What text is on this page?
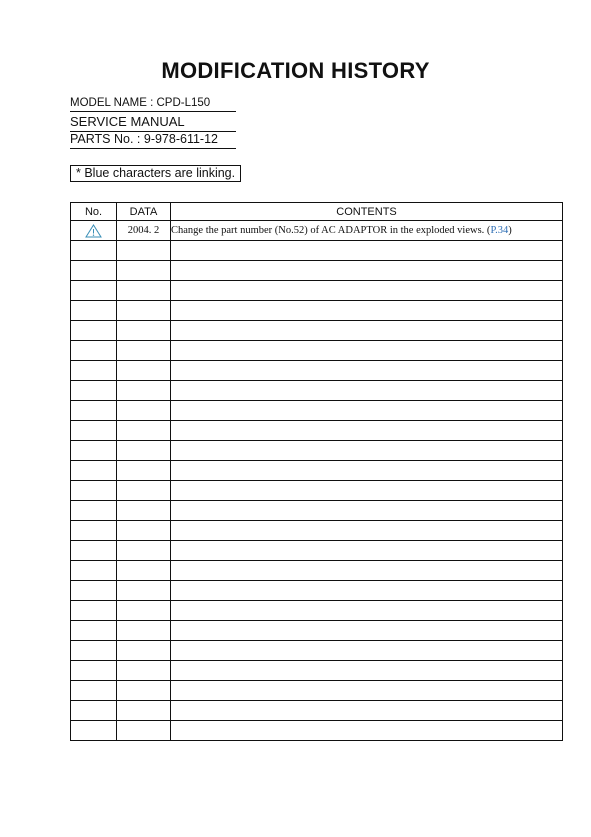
MODIFICATION HISTORY
MODEL NAME : CPD-L150
SERVICE MANUAL
PARTS No. : 9-978-611-12
* Blue characters are linking.
No.	DATA	CONTENTS
	2004. 2	Change the part number (No.52) of AC ADAPTOR in the exploded views. (P.34)
